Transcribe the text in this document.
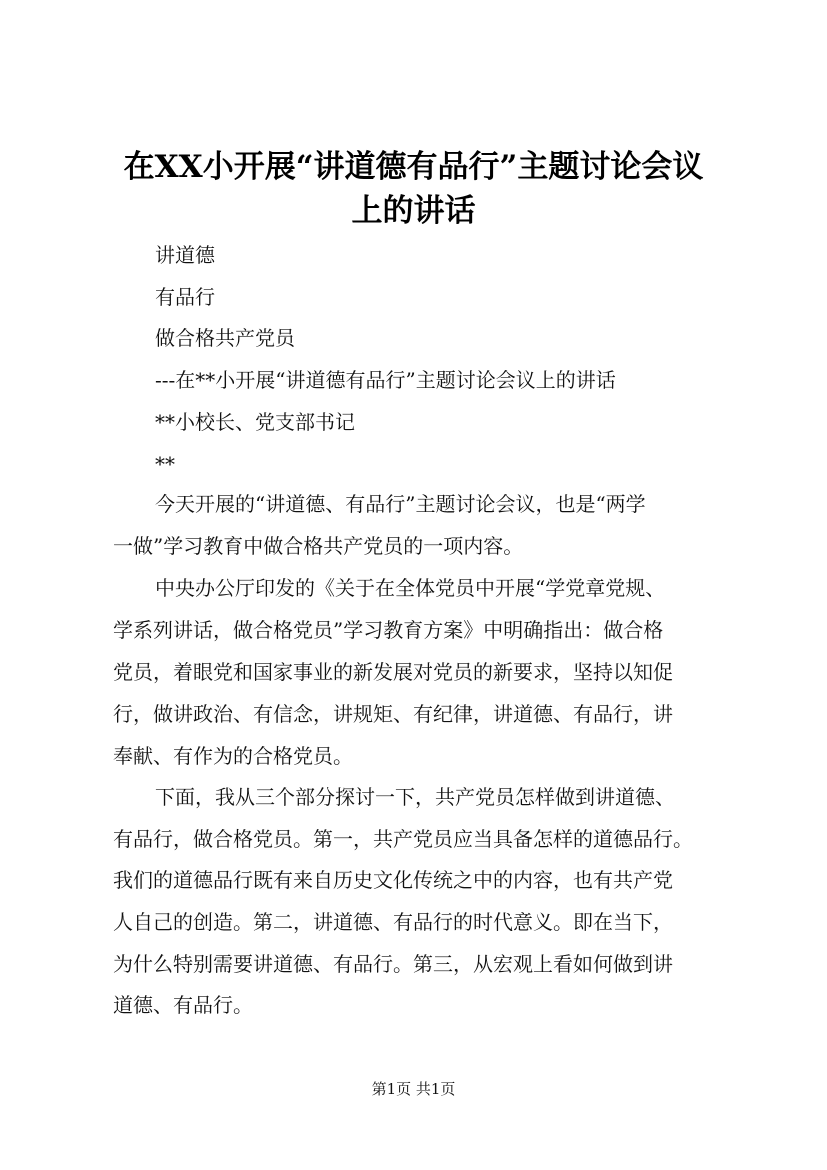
在XX小开展“讲道德有品行”主题讨论会议
上的讲话
讲道德
有品行
做合格共产党员
---在**小开展“讲道德有品行”主题讨论会议上的讲话
**小校长、党支部书记
**
今天开展的“讲道德、有品行”主题讨论会议，也是“两学
一做”学习教育中做合格共产党员的一项内容。
中央办公厅印发的《关于在全体党员中开展“学党章党规、
学系列讲话，做合格党员”学习教育方案》中明确指出：做合格
党员，着眼党和国家事业的新发展对党员的新要求，坚持以知促
行，做讲政治、有信念，讲规矩、有纪律，讲道德、有品行，讲
奉献、有作为的合格党员。
下面，我从三个部分探讨一下，共产党员怎样做到讲道德、
有品行，做合格党员。第一，共产党员应当具备怎样的道德品行。
我们的道德品行既有来自历史文化传统之中的内容，也有共产党
人自己的创造。第二，讲道德、有品行的时代意义。即在当下，
为什么特别需要讲道德、有品行。第三，从宏观上看如何做到讲
道德、有品行。
第1页 共1页
